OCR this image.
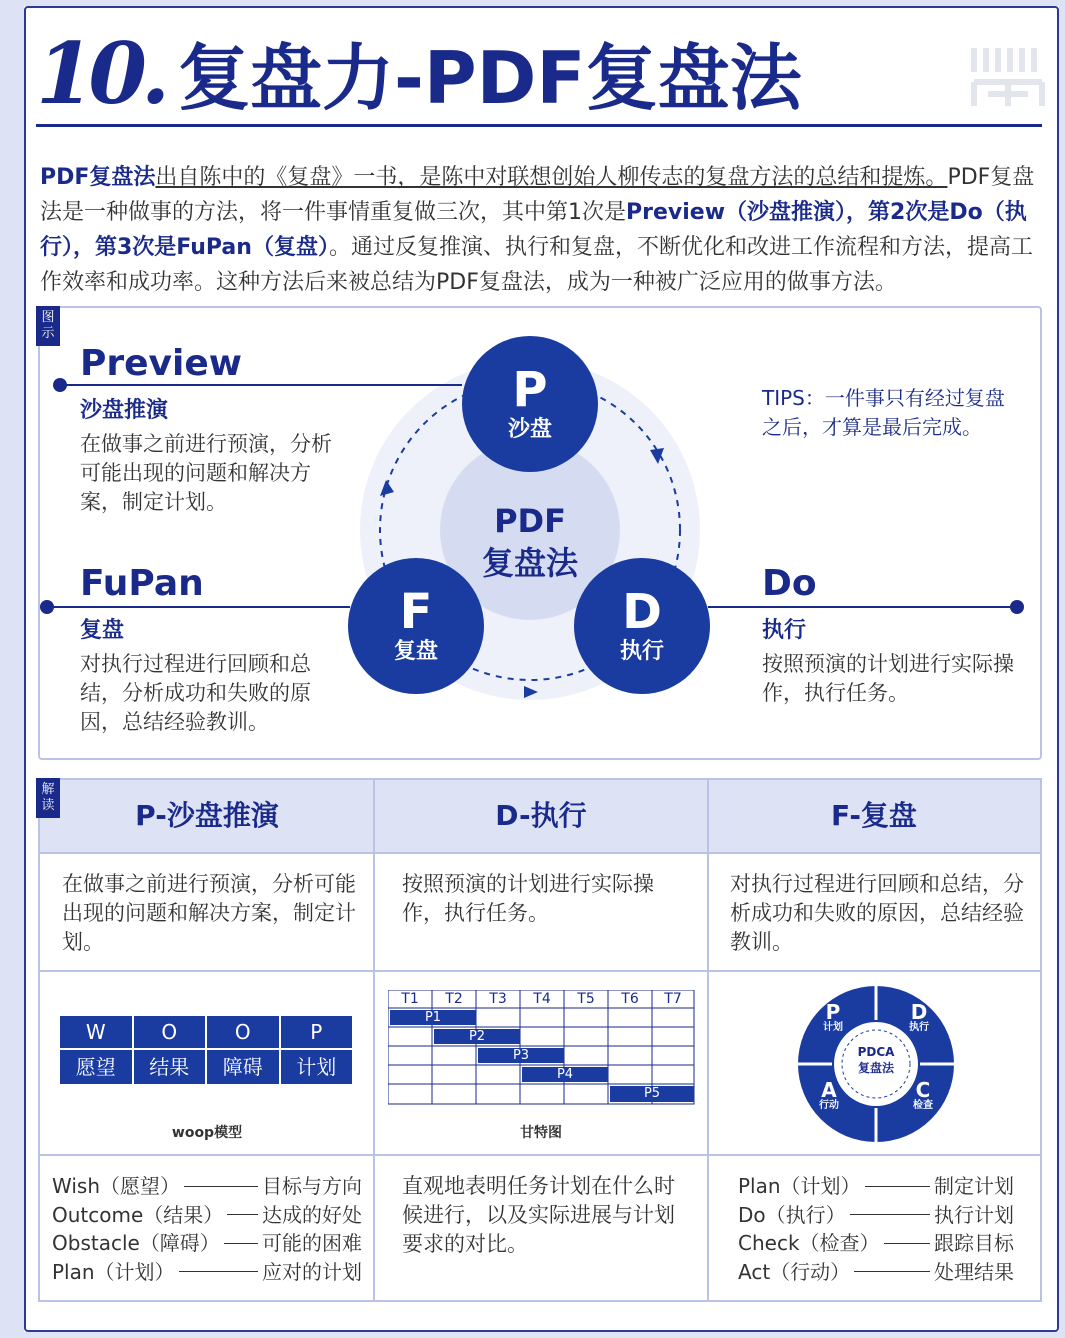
10. 复盘力-PDF复盘法
PDF复盘法出自陈中的《复盘》一书，是陈中对联想创始人柳传志的复盘方法的总结和提炼。PDF复盘法是一种做事的方法，将一件事情重复做三次，其中第1次是Preview（沙盘推演），第2次是Do（执行），第3次是FuPan（复盘）。通过反复推演、执行和复盘，不断优化和改进工作流程和方法，提高工作效率和成功率。这种方法后来被总结为PDF复盘法，成为一种被广泛应用的做事方法。
图示
PDF
复盘法
P
沙盘
F
复盘
D
执行
Preview
沙盘推演
在做事之前进行预演，分析可能出现的问题和解决方案，制定计划。
FuPan
复盘
对执行过程进行回顾和总结，分析成功和失败的原因，总结经验教训。
Do
执行
按照预演的计划进行实际操作，执行任务。
TIPS：一件事只有经过复盘之后，才算是最后完成。
P-沙盘推演	D-执行	F-复盘
在做事之前进行预演，分析可能出现的问题和解决方案，制定计划。
按照预演的计划进行实际操作，执行任务。
对执行过程进行回顾和总结，分析成功和失败的原因，总结经验教训。
W	O	O	P
愿望	结果	障碍	计划
woop模型
T1	T2	T3	T4	T5	T6	T7
P1
P2
P3
P4
P5
甘特图
PDCA
复盘法
P
计划
D
执行
C
检查
A
行动
Wish（愿望）	目标与方向
Outcome（结果） 达成的好处
Obstacle（障碍） 可能的困难
Plan（计划）	应对的计划
直观地表明任务计划在什么时候进行，以及实际进展与计划要求的对比。
Plan（计划）	制定计划
Do（执行）	执行计划
Check（检查）	跟踪目标
Act（行动）	处理结果
解读
